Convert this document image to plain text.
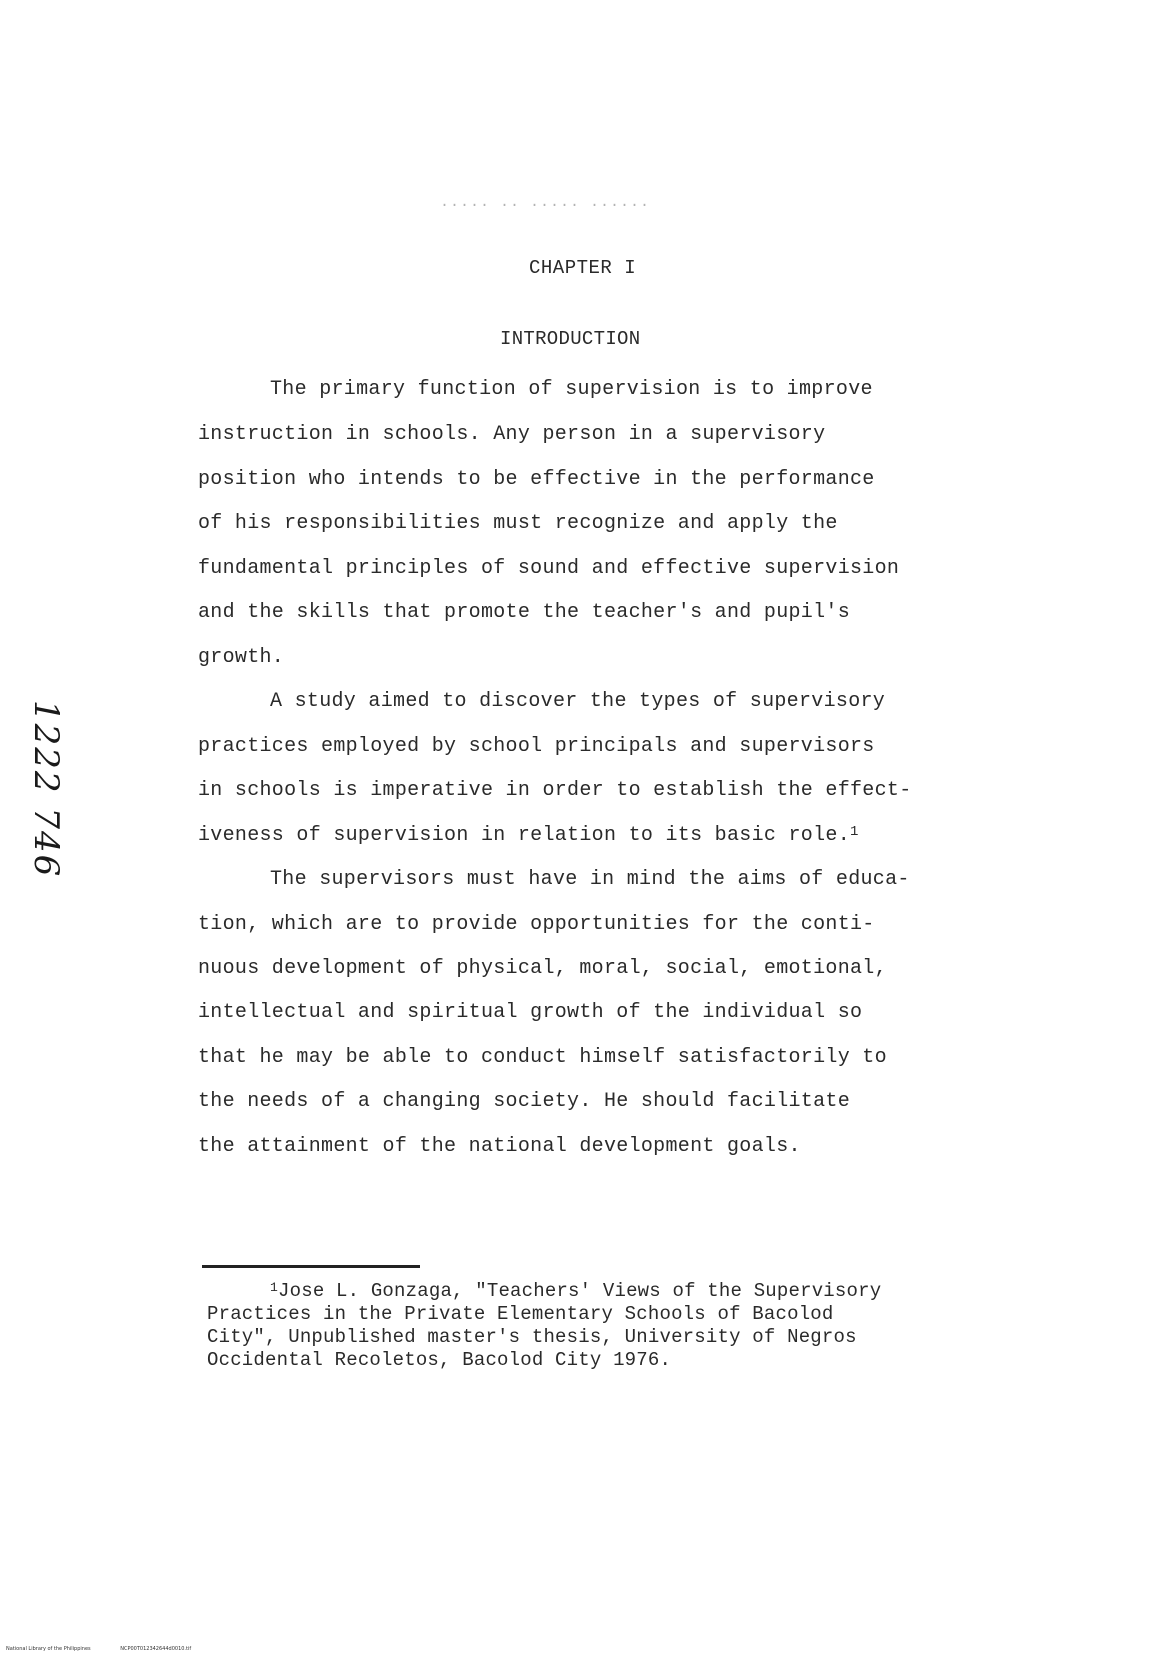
····· ·· ····· ······
CHAPTER I
INTRODUCTION
The primary function of supervision is to improve
instruction in schools. Any person in a supervisory
position who intends to be effective in the performance
of his responsibilities must recognize and apply the
fundamental principles of sound and effective supervision
and the skills that promote the teacher's and pupil's
growth.
A study aimed to discover the types of supervisory
practices employed by school principals and supervisors
in schools is imperative in order to establish the effect-
iveness of supervision in relation to its basic role.$^1$
The supervisors must have in mind the aims of educa-
tion, which are to provide opportunities for the conti-
nuous development of physical, moral, social, emotional,
intellectual and spiritual growth of the individual so
that he may be able to conduct himself satisfactorily to
the needs of a changing society. He should facilitate
the attainment of the national development goals.
$^1$Jose L. Gonzaga, "Teachers' Views of the Supervisory
Practices in the Private Elementary Schools of Bacolod
City", Unpublished master's thesis, University of Negros
Occidental Recoletos, Bacolod City 1976.
1222 746
National Library of the Philippines	NCP00T012342644d0010.tif
